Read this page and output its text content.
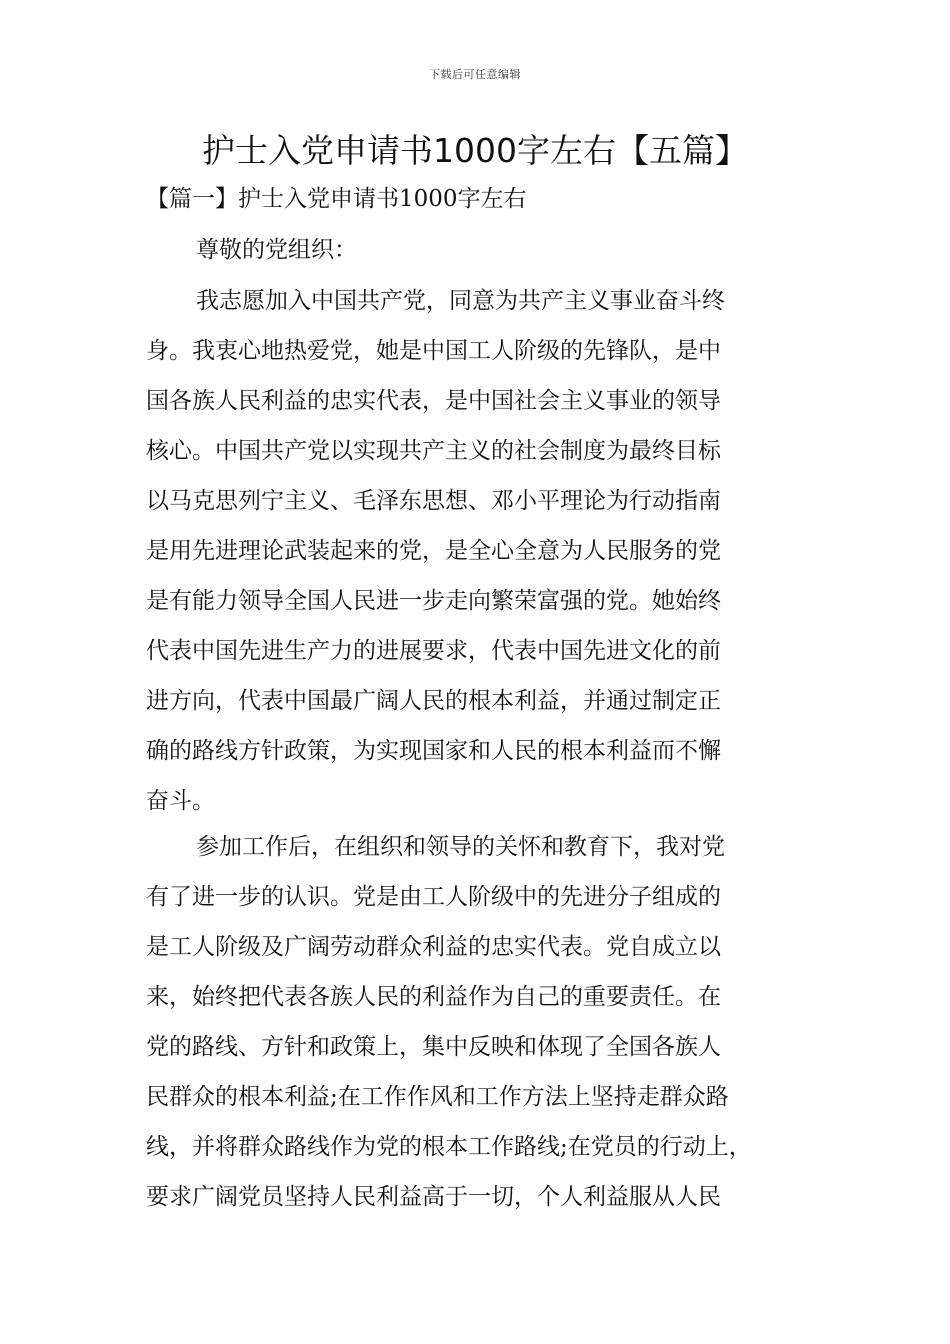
下载后可任意编辑
护士入党申请书1000字左右【五篇】
【篇一】护士入党申请书1000字左右
尊敬的党组织：
我志愿加入中国共产党，同意为共产主义事业奋斗终
身。我衷心地热爱党，她是中国工人阶级的先锋队，是中
国各族人民利益的忠实代表，是中国社会主义事业的领导
核心。中国共产党以实现共产主义的社会制度为最终目标
以马克思列宁主义、毛泽东思想、邓小平理论为行动指南
是用先进理论武装起来的党，是全心全意为人民服务的党
是有能力领导全国人民进一步走向繁荣富强的党。她始终
代表中国先进生产力的进展要求，代表中国先进文化的前
进方向，代表中国最广阔人民的根本利益，并通过制定正
确的路线方针政策，为实现国家和人民的根本利益而不懈
奋斗。
参加工作后，在组织和领导的关怀和教育下，我对党
有了进一步的认识。党是由工人阶级中的先进分子组成的
是工人阶级及广阔劳动群众利益的忠实代表。党自成立以
来，始终把代表各族人民的利益作为自己的重要责任。在
党的路线、方针和政策上，集中反映和体现了全国各族人
民群众的根本利益;在工作作风和工作方法上坚持走群众路
线，并将群众路线作为党的根本工作路线;在党员的行动上，
要求广阔党员坚持人民利益高于一切，个人利益服从人民
